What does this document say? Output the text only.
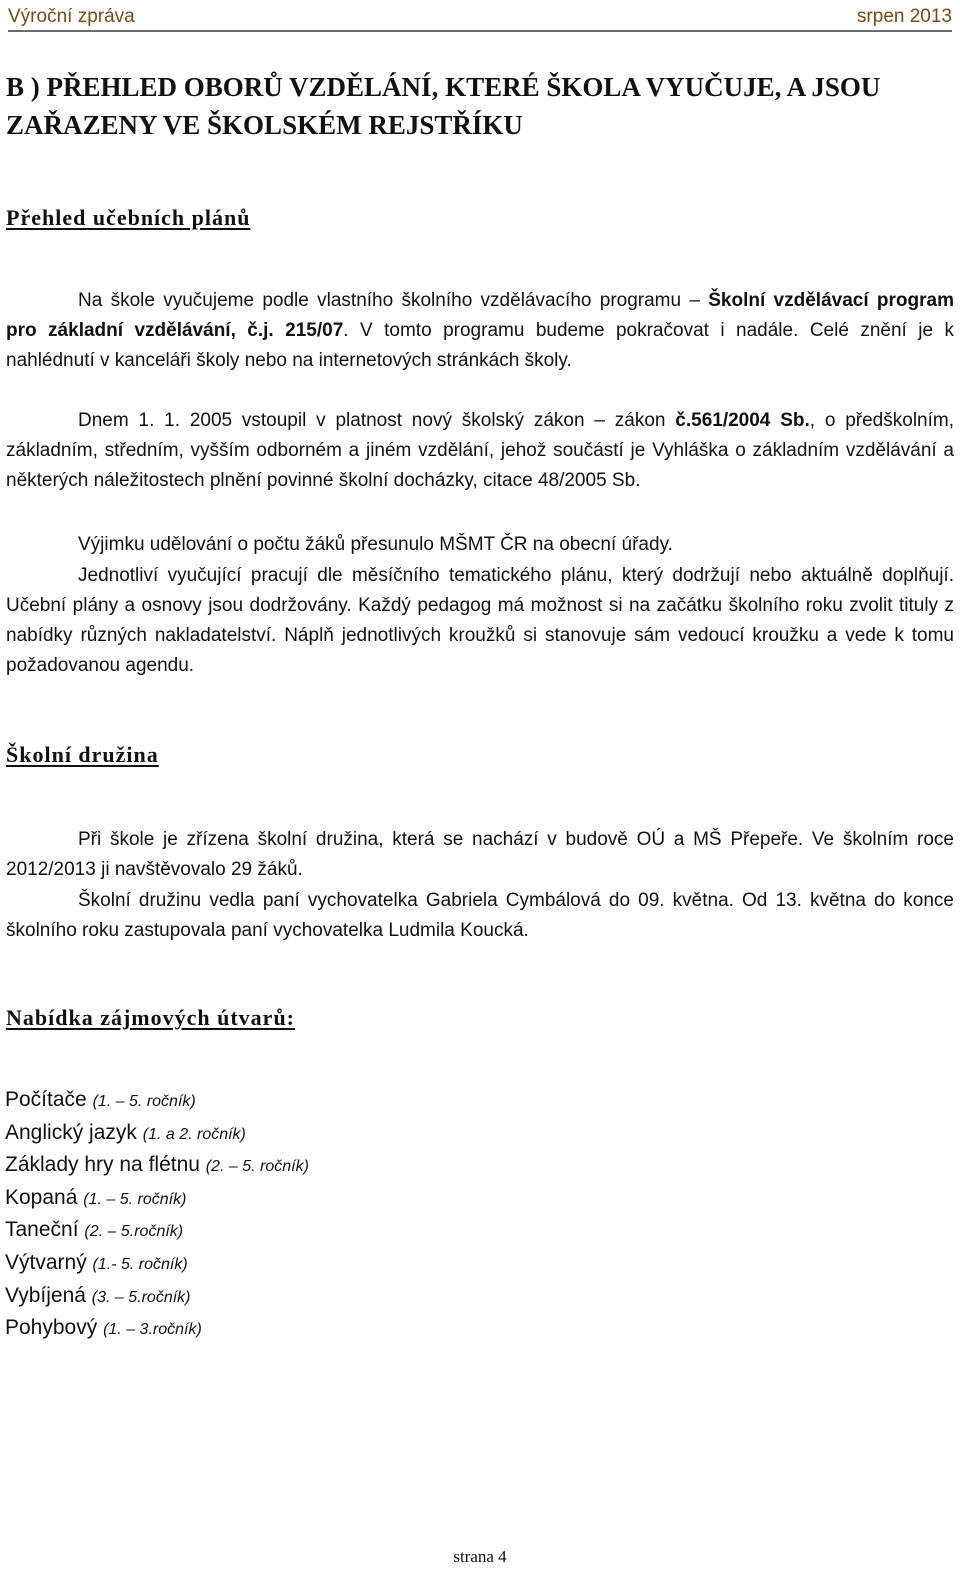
Výroční zpráva	srpen 2013
B ) PŘEHLED OBORŮ VZDĚLÁNÍ, KTERÉ ŠKOLA VYUČUJE, A JSOU ZAŘAZENY VE ŠKOLSKÉM REJSTŘÍKU
Přehled učebních plánů
Na škole vyučujeme podle vlastního školního vzdělávacího programu – Školní vzdělávací program pro základní vzdělávání, č.j. 215/07. V tomto programu budeme pokračovat i nadále. Celé znění je k nahlédnutí v kanceláři školy nebo na internetových stránkách školy.
Dnem 1. 1. 2005 vstoupil v platnost nový školský zákon – zákon č.561/2004 Sb., o předškolním, základním, středním, vyšším odborném a jiném vzdělání, jehož součástí je Vyhláška o základním vzdělávání a některých náležitostech plnění povinné školní docházky, citace 48/2005 Sb.
Výjimku udělování o počtu žáků přesunulo MŠMT ČR na obecní úřady.
Jednotliví vyučující pracují dle měsíčního tematického plánu, který dodržují nebo aktuálně doplňují. Učební plány a osnovy jsou dodržovány. Každý pedagog má možnost si na začátku školního roku zvolit tituly z nabídky různých nakladatelství. Náplň jednotlivých kroužků si stanovuje sám vedoucí kroužku a vede k tomu požadovanou agendu.
Školní družina
Při škole je zřízena školní družina, která se nachází v budově OÚ a MŠ Přepeře. Ve školním roce 2012/2013 ji navštěvovalo 29 žáků.
Školní družinu vedla paní vychovatelka Gabriela Cymbálová do 09. května. Od 13. května do konce školního roku zastupovala paní vychovatelka Ludmila Koucká.
Nabídka zájmových útvarů:
Počítače (1. – 5. ročník)
Anglický jazyk (1. a 2. ročník)
Základy hry na flétnu (2. – 5. ročník)
Kopaná (1. – 5. ročník)
Taneční (2. – 5.ročník)
Výtvarný (1.- 5. ročník)
Vybíjená (3. – 5.ročník)
Pohybový (1. – 3.ročník)
strana 4
